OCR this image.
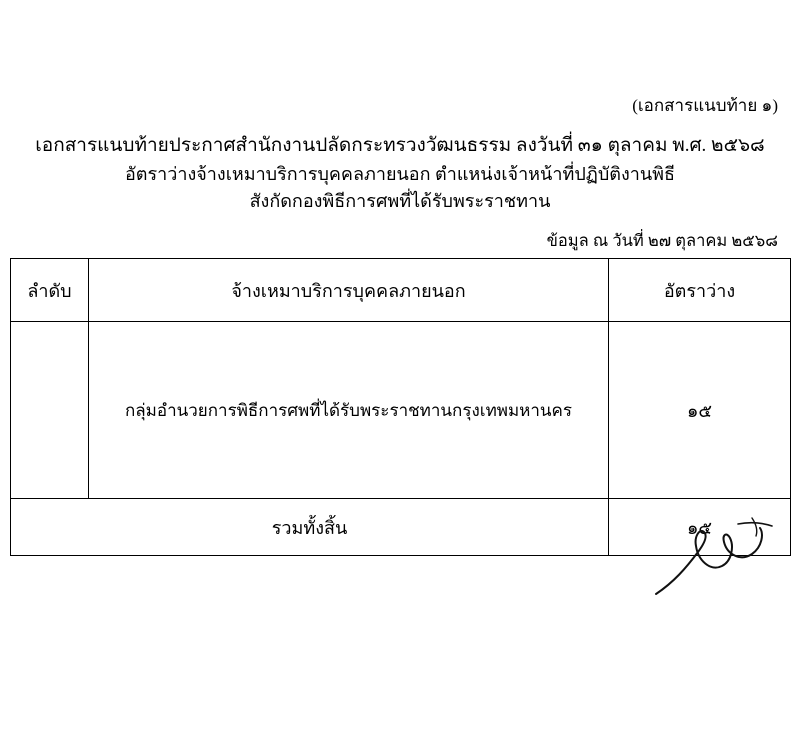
(เอกสารแนบท้าย ๑)
เอกสารแนบท้ายประกาศสำนักงานปลัดกระทรวงวัฒนธรรม ลงวันที่ ๓๑ ตุลาคม พ.ศ. ๒๕๖๘
อัตราว่างจ้างเหมาบริการบุคคลภายนอก ตำแหน่งเจ้าหน้าที่ปฏิบัติงานพิธี
สังกัดกองพิธีการศพที่ได้รับพระราชทาน
ข้อมูล ณ วันที่ ๒๗ ตุลาคม ๒๕๖๘
ลำดับ	จ้างเหมาบริการบุคคลภายนอก	อัตราว่าง
	กลุ่มอำนวยการพิธีการศพที่ได้รับพระราชทานกรุงเทพมหานคร	๑๕
รวมทั้งสิ้น		๑๕
